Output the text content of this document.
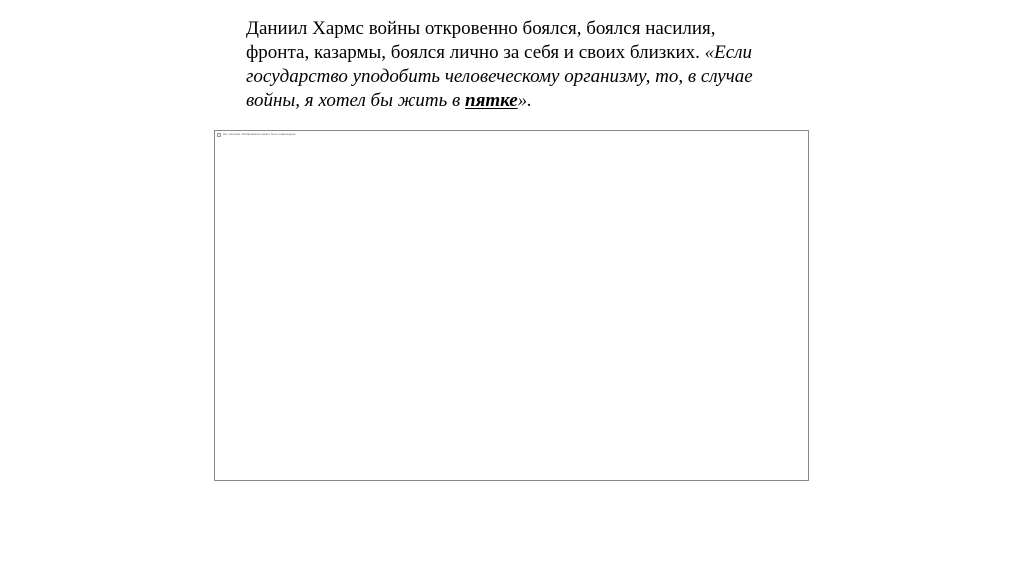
Даниил Хармс войны откровенно боялся, боялся насилия,
фронта, казармы, боялся лично за себя и своих близких. «Если
государство уподобить человеческому организму, то, в случае
войны, я хотел бы жить в пятке».
Нет рисунка. Изображение может быть повреждено.
